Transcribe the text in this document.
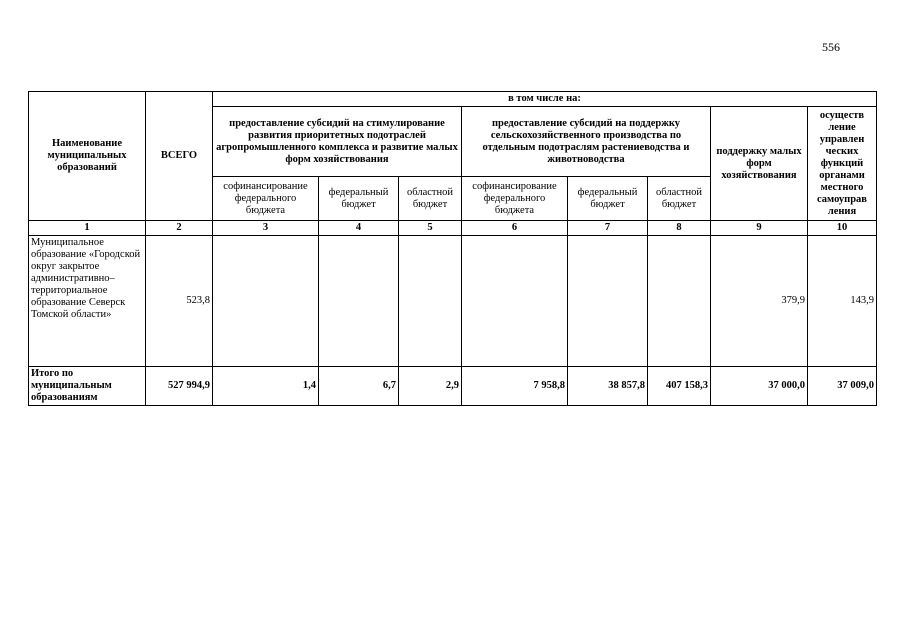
556
Наименование муниципальных образований	ВСЕГО	в том числе на:							
		предоставление субсидий на стимулирование развития приоритетных подотраслей агропромышленного комплекса и развитие малых форм хозяйствования			предоставление субсидий на поддержку сельскохозяйственного производства по отдельным подотраслям растениеводства и животноводства			поддержку малых форм хозяйствования	осуществ ление управлен ческих функций органами местного самоуправ ления
		софинансирование федерального бюджета	федеральный бюджет	областной бюджет	софинансирование федерального бюджета	федеральный бюджет	областной бюджет		
1	2	3	4	5	6	7	8	9	10
Муниципальное образование «Городской округ закрытое административно–территориальное образование Северск Томской области»	523,8							379,9	143,9
Итого по муниципальным образованиям	527 994,9	1,4	6,7	2,9	7 958,8	38 857,8	407 158,3	37 000,0	37 009,0
